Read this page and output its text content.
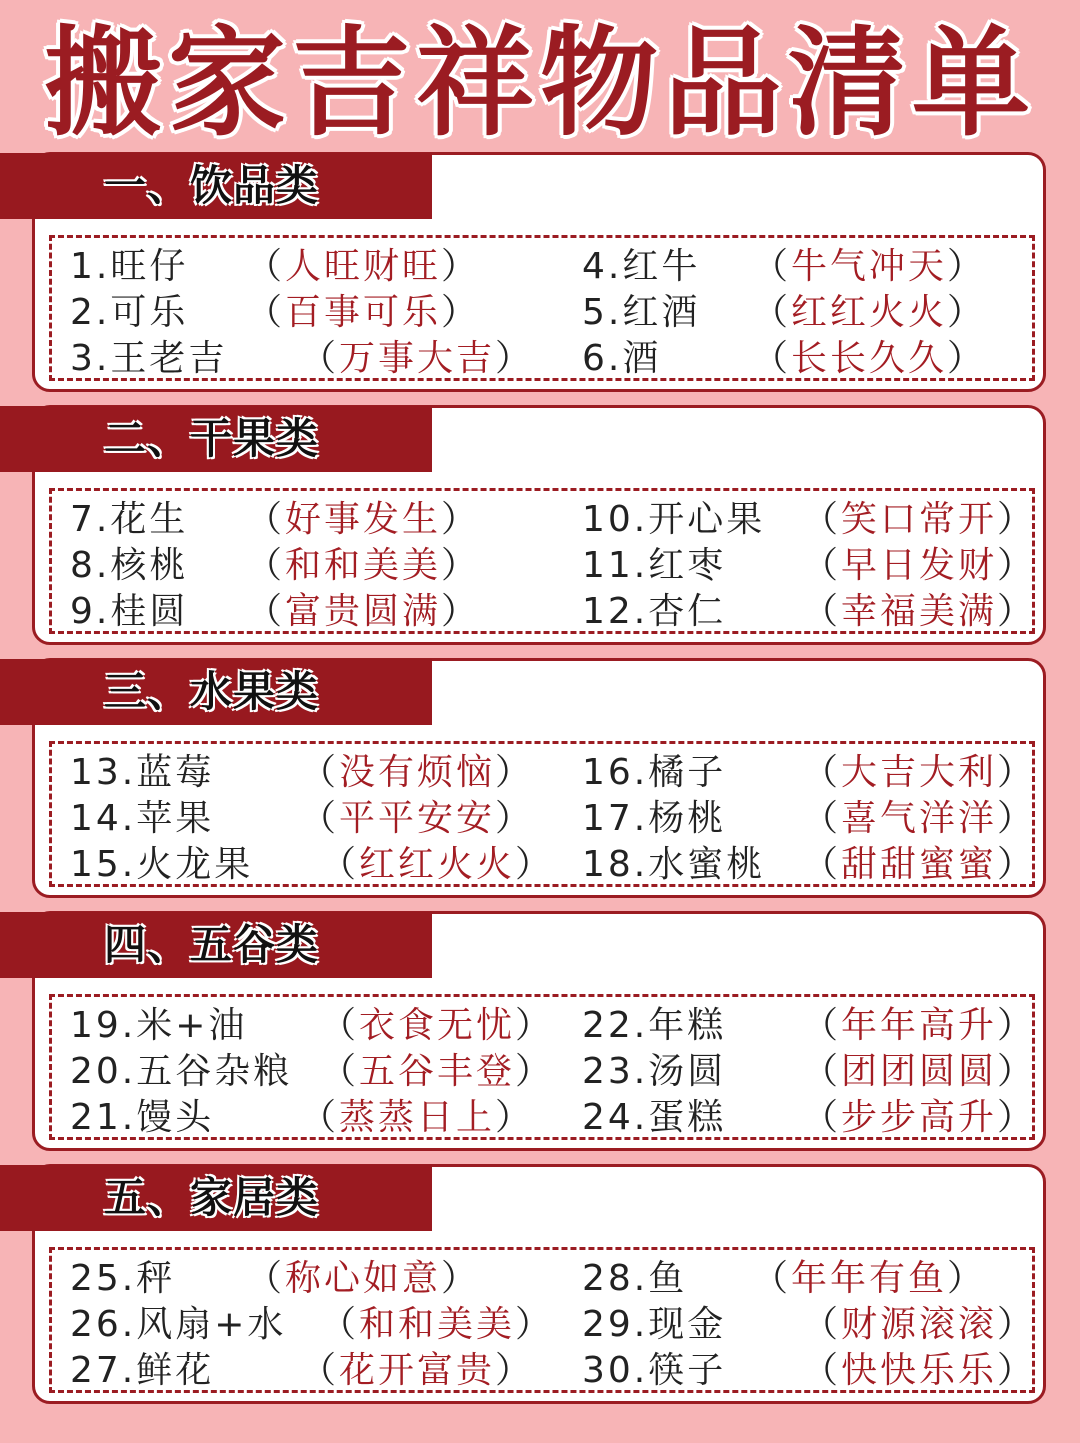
搬家吉祥物品清单
1.旺仔 （人旺财旺）
2.可乐 （百事可乐）
3.王老吉 （万事大吉）
4.红牛 （牛气冲天）
5.红酒 （红红火火）
6.酒	（长长久久）
一、饮品类
7.花生 （好事发生）
8.核桃 （和和美美）
9.桂圆 （富贵圆满）
10.开心果 （笑口常开）
11.红枣 （早日发财）
12.杏仁 （幸福美满）
二、干果类
13.蓝莓 （没有烦恼）
14.苹果 （平平安安）
15.火龙果 （红红火火）
16.橘子 （大吉大利）
17.杨桃 （喜气洋洋）
18.水蜜桃 （甜甜蜜蜜）
三、水果类
19.米+油 （衣食无忧）
20.五谷杂粮 （五谷丰登）
21.馒头 （蒸蒸日上）
22.年糕 （年年高升）
23.汤圆 （团团圆圆）
24.蛋糕 （步步高升）
四、五谷类
25.秤 （称心如意）
26.风扇+水 （和和美美）
27.鲜花 （花开富贵）
28.鱼 （年年有鱼）
29.现金 （财源滚滚）
30.筷子 （快快乐乐）
五、家居类
